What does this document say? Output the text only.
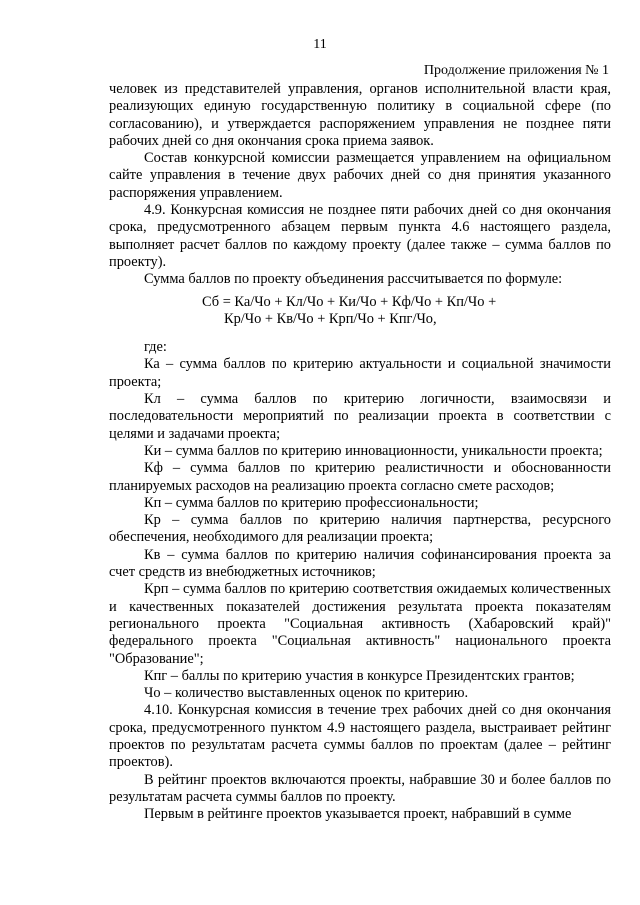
11
Продолжение приложения № 1

человек из представителей управления, органов исполнительной власти края, реализующих единую государственную политику в социальной сфере (по согласованию), и утверждается распоряжением управления не позднее пяти рабочих дней со дня окончания срока приема заявок.

Состав конкурсной комиссии размещается управлением на официальном сайте управления в течение двух рабочих дней со дня принятия указанного распоряжения управлением.

4.9. Конкурсная комиссия не позднее пяти рабочих дней со дня окончания срока, предусмотренного абзацем первым пункта 4.6 настоящего раздела, выполняет расчет баллов по каждому проекту (далее также – сумма баллов по проекту).

Сумма баллов по проекту объединения рассчитывается по формуле:

Сб = Ка/Чо + Кл/Чо + Ки/Чо + Кф/Чо + Кп/Чо +
Кр/Чо + Кв/Чо + Крп/Чо + Кпг/Чо,

где:

Ка – сумма баллов по критерию актуальности и социальной значимости проекта;

Кл – сумма баллов по критерию логичности, взаимосвязи и последовательности мероприятий по реализации проекта в соответствии с целями и задачами проекта;

Ки – сумма баллов по критерию инновационности, уникальности проекта;

Кф – сумма баллов по критерию реалистичности и обоснованности планируемых расходов на реализацию проекта согласно смете расходов;

Кп – сумма баллов по критерию профессиональности;

Кр – сумма баллов по критерию наличия партнерства, ресурсного обеспечения, необходимого для реализации проекта;

Кв – сумма баллов по критерию наличия софинансирования проекта за счет средств из внебюджетных источников;

Крп – сумма баллов по критерию соответствия ожидаемых количественных и качественных показателей достижения результата проекта показателям регионального проекта "Социальная активность (Хабаровский край)" федерального проекта "Социальная активность" национального проекта "Образование";

Кпг – баллы по критерию участия в конкурсе Президентских грантов;

Чо – количество выставленных оценок по критерию.

4.10. Конкурсная комиссия в течение трех рабочих дней со дня окончания срока, предусмотренного пунктом 4.9 настоящего раздела, выстраивает рейтинг проектов по результатам расчета суммы баллов по проектам (далее – рейтинг проектов).

В рейтинг проектов включаются проекты, набравшие 30 и более баллов по результатам расчета суммы баллов по проекту.

Первым в рейтинге проектов указывается проект, набравший в сумме
